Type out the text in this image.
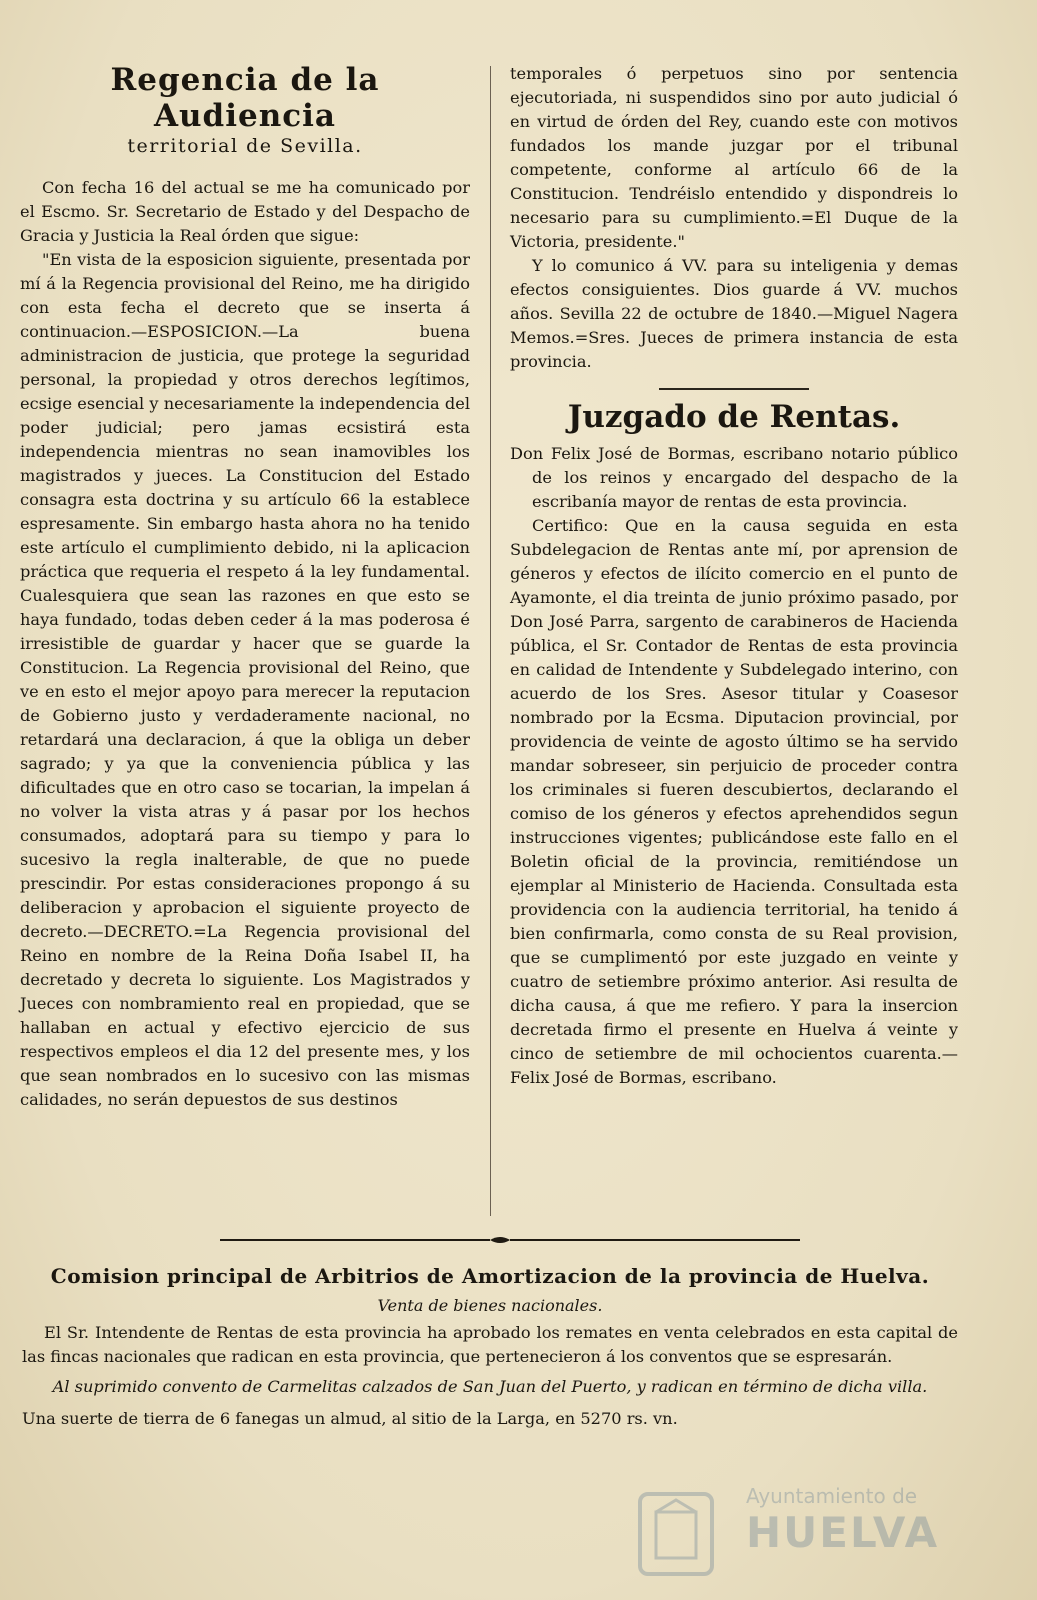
Regencia de la Audiencia
territorial de Sevilla.

Con fecha 16 del actual se me ha comunicado por el Escmo. Sr. Secretario de Estado y del Despacho de Gracia y Justicia la Real órden que sigue:

"En vista de la esposicion siguiente, presentada por mí á la Regencia provisional del Reino, me ha dirigido con esta fecha el decreto que se inserta á continuacion.—ESPOSICION.—La buena administracion de justicia, que protege la seguridad personal, la propiedad y otros derechos legítimos, ecsige esencial y necesariamente la independencia del poder judicial; pero jamas ecsistirá esta independencia mientras no sean inamovibles los magistrados y jueces. La Constitucion del Estado consagra esta doctrina y su artículo 66 la establece espresamente. Sin embargo hasta ahora no ha tenido este artículo el cumplimiento debido, ni la aplicacion práctica que requeria el respeto á la ley fundamental. Cualesquiera que sean las razones en que esto se haya fundado, todas deben ceder á la mas poderosa é irresistible de guardar y hacer que se guarde la Constitucion. La Regencia provisional del Reino, que ve en esto el mejor apoyo para merecer la reputacion de Gobierno justo y verdaderamente nacional, no retardará una declaracion, á que la obliga un deber sagrado; y ya que la conveniencia pública y las dificultades que en otro caso se tocarian, la impelan á no volver la vista atras y á pasar por los hechos consumados, adoptará para su tiempo y para lo sucesivo la regla inalterable, de que no puede prescindir. Por estas consideraciones propongo á su deliberacion y aprobacion el siguiente proyecto de decreto.—DECRETO.=La Regencia provisional del Reino en nombre de la Reina Doña Isabel II, ha decretado y decreta lo siguiente. Los Magistrados y Jueces con nombramiento real en propiedad, que se hallaban en actual y efectivo ejercicio de sus respectivos empleos el dia 12 del presente mes, y los que sean nombrados en lo sucesivo con las mismas calidades, no serán depuestos de sus destinos

temporales ó perpetuos sino por sentencia ejecutoriada, ni suspendidos sino por auto judicial ó en virtud de órden del Rey, cuando este con motivos fundados los mande juzgar por el tribunal competente, conforme al artículo 66 de la Constitucion. Tendréislo entendido y dispondreis lo necesario para su cumplimiento.=El Duque de la Victoria, presidente."

Y lo comunico á VV. para su inteligenia y demas efectos consiguientes. Dios guarde á VV. muchos años. Sevilla 22 de octubre de 1840.—Miguel Nagera Memos.=Sres. Jueces de primera instancia de esta provincia.

Juzgado de Rentas.

Don Felix José de Bormas, escribano notario público de los reinos y encargado del despacho de la escribanía mayor de rentas de esta provincia.

Certifico: Que en la causa seguida en esta Subdelegacion de Rentas ante mí, por aprension de géneros y efectos de ilícito comercio en el punto de Ayamonte, el dia treinta de junio próximo pasado, por Don José Parra, sargento de carabineros de Hacienda pública, el Sr. Contador de Rentas de esta provincia en calidad de Intendente y Subdelegado interino, con acuerdo de los Sres. Asesor titular y Coasesor nombrado por la Ecsma. Diputacion provincial, por providencia de veinte de agosto último se ha servido mandar sobreseer, sin perjuicio de proceder contra los criminales si fueren descubiertos, declarando el comiso de los géneros y efectos aprehendidos segun instrucciones vigentes; publicándose este fallo en el Boletin oficial de la provincia, remitiéndose un ejemplar al Ministerio de Hacienda. Consultada esta providencia con la audiencia territorial, ha tenido á bien confirmarla, como consta de su Real provision, que se cumplimentó por este juzgado en veinte y cuatro de setiembre próximo anterior. Asi resulta de dicha causa, á que me refiero. Y para la insercion decretada firmo el presente en Huelva á veinte y cinco de setiembre de mil ochocientos cuarenta.—Felix José de Bormas, escribano.

Comision principal de Arbitrios de Amortizacion de la provincia de Huelva.
Venta de bienes nacionales.

El Sr. Intendente de Rentas de esta provincia ha aprobado los remates en venta celebrados en esta capital de las fincas nacionales que radican en esta provincia, que pertenecieron á los conventos que se espresarán.

Al suprimido convento de Carmelitas calzados de San Juan del Puerto, y radican en término de dicha villa.

Una suerte de tierra de 6 fanegas un almud, al sitio de la Larga, en 5270 rs. vn.

Ayuntamiento de
HUELVA
